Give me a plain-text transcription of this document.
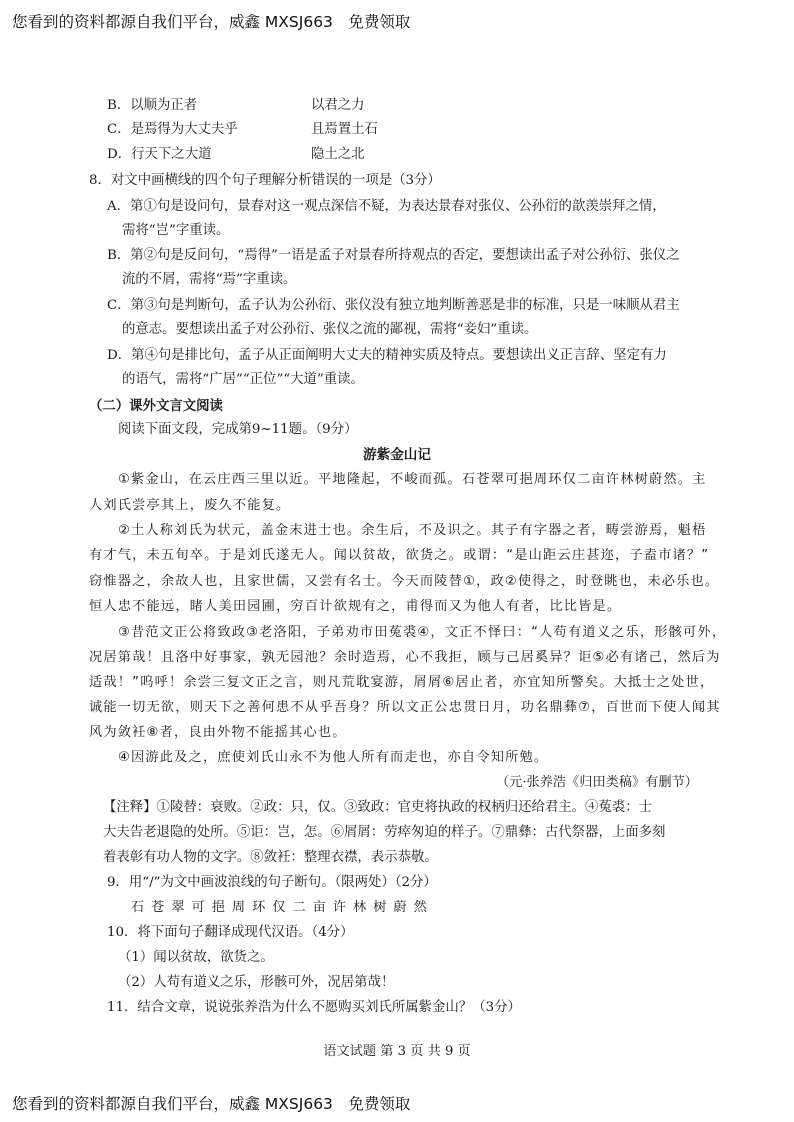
您看到的资料都源自我们平台，威鑫 MXSJ663　免费领取
B．以顺为正者	以君之力
C．是焉得为大丈夫乎	且焉置土石
D．行天下之大道	隐土之北
8．对文中画横线的四个句子理解分析错误的一项是（3分）
A．第①句是设问句，景春对这一观点深信不疑，为表达景春对张仪、公孙衍的歆羡崇拜之情，
需将“岂”字重读。
B．第②句是反问句，“焉得”一语是孟子对景春所持观点的否定，要想读出孟子对公孙衍、张仪之
流的不屑，需将“焉”字重读。
C．第③句是判断句，孟子认为公孙衍、张仪没有独立地判断善恶是非的标准，只是一味顺从君主
的意志。要想读出孟子对公孙衍、张仪之流的鄙视，需将“妾妇”重读。
D．第④句是排比句，孟子从正面阐明大丈夫的精神实质及特点。要想读出义正言辞、坚定有力
的语气，需将“广居”“正位”“大道”重读。
（二）课外文言文阅读
阅读下面文段，完成第9~11题。（9分）
游紫金山记
①紫金山，在云庄西三里以近。平地隆起，不峻而孤。石苍翠可挹周环仅二亩许林树蔚然。主
人刘氏尝亭其上，废久不能复。
②土人称刘氏为状元，盖金末进士也。余生后，不及识之。其子有字器之者，畴尝游焉，魁梧
有才气，未五旬卒。于是刘氏遂无人。闻以贫故，欲货之。或谓：“是山距云庄甚迩，子盍市诸？”
窃惟器之，余故人也，且家世儒，又尝有名士。今天而陵替①，政②使得之，时登眺也，未必乐也。
恒人忠不能远，睹人美田园圃，穷百计欲规有之，甫得而又为他人有者，比比皆是。
③昔范文正公将致政③老洛阳，子弟劝市田菟裘④，文正不怿曰：“人苟有道义之乐，形骸可外，
况居第哉！且洛中好事家，孰无园池？余时造焉，心不我拒，顾与己居奚异？讵⑤必有诸己，然后为
适哉！”呜呼！余尝三复文正之言，则凡荒耽宴游，屑屑⑥居止者，亦宜知所警矣。大抵士之处世，
诚能一切无欲，则天下之善何患不从乎吾身？所以文正公忠贯日月，功名鼎彝⑦，百世而下使人闻其
风为敛衽⑧者，良由外物不能摇其心也。
④因游此及之，庶使刘氏山永不为他人所有而走也，亦自令知所勉。
（元·张养浩《归田类稿》有删节）
【注释】①陵替：衰败。②政：只，仅。③致政：官吏将执政的权柄归还给君主。④菟裘：士
大夫告老退隐的处所。⑤讵：岂，怎。⑥屑屑：劳瘁匆迫的样子。⑦鼎彝：古代祭器，上面多刻
着表彰有功人物的文字。⑧敛衽：整理衣襟，表示恭敬。
9．用“/”为文中画波浪线的句子断句。（限两处）（2分）
石苍翠可挹周环仅二亩许林树蔚然
10．将下面句子翻译成现代汉语。（4分）
（1）闻以贫故，欲货之。
（2）人苟有道义之乐，形骸可外，况居第哉！
11．结合文章，说说张养浩为什么不愿购买刘氏所属紫金山？（3分）
语文试题 第 3 页 共 9 页
您看到的资料都源自我们平台，威鑫 MXSJ663　免费领取
